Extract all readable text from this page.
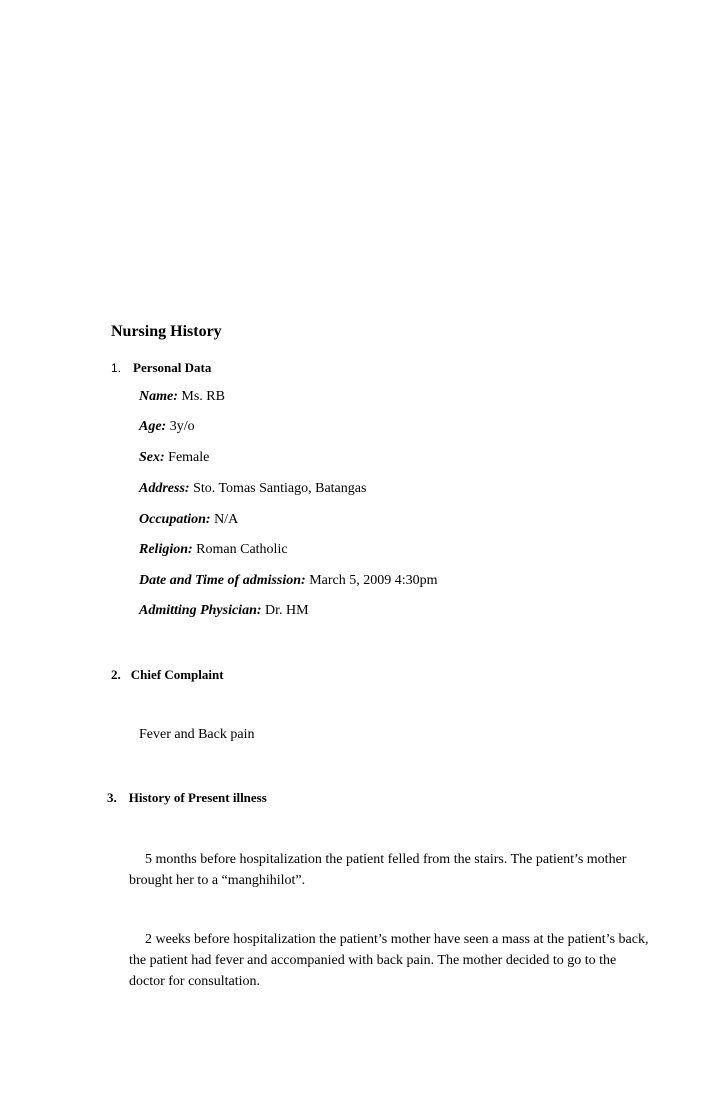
Nursing History
1. Personal Data
Name: Ms. RB
Age: 3y/o
Sex: Female
Address: Sto. Tomas Santiago, Batangas
Occupation: N/A
Religion: Roman Catholic
Date and Time of admission: March 5, 2009 4:30pm
Admitting Physician: Dr. HM
2. Chief Complaint
Fever and Back pain
3. History of Present illness
5 months before hospitalization the patient felled from the stairs. The patient’s mother brought her to a “manghihilot”.
2 weeks before hospitalization the patient’s mother have seen a mass at the patient’s back, the patient had fever and accompanied with back pain. The mother decided to go to the doctor for consultation.
